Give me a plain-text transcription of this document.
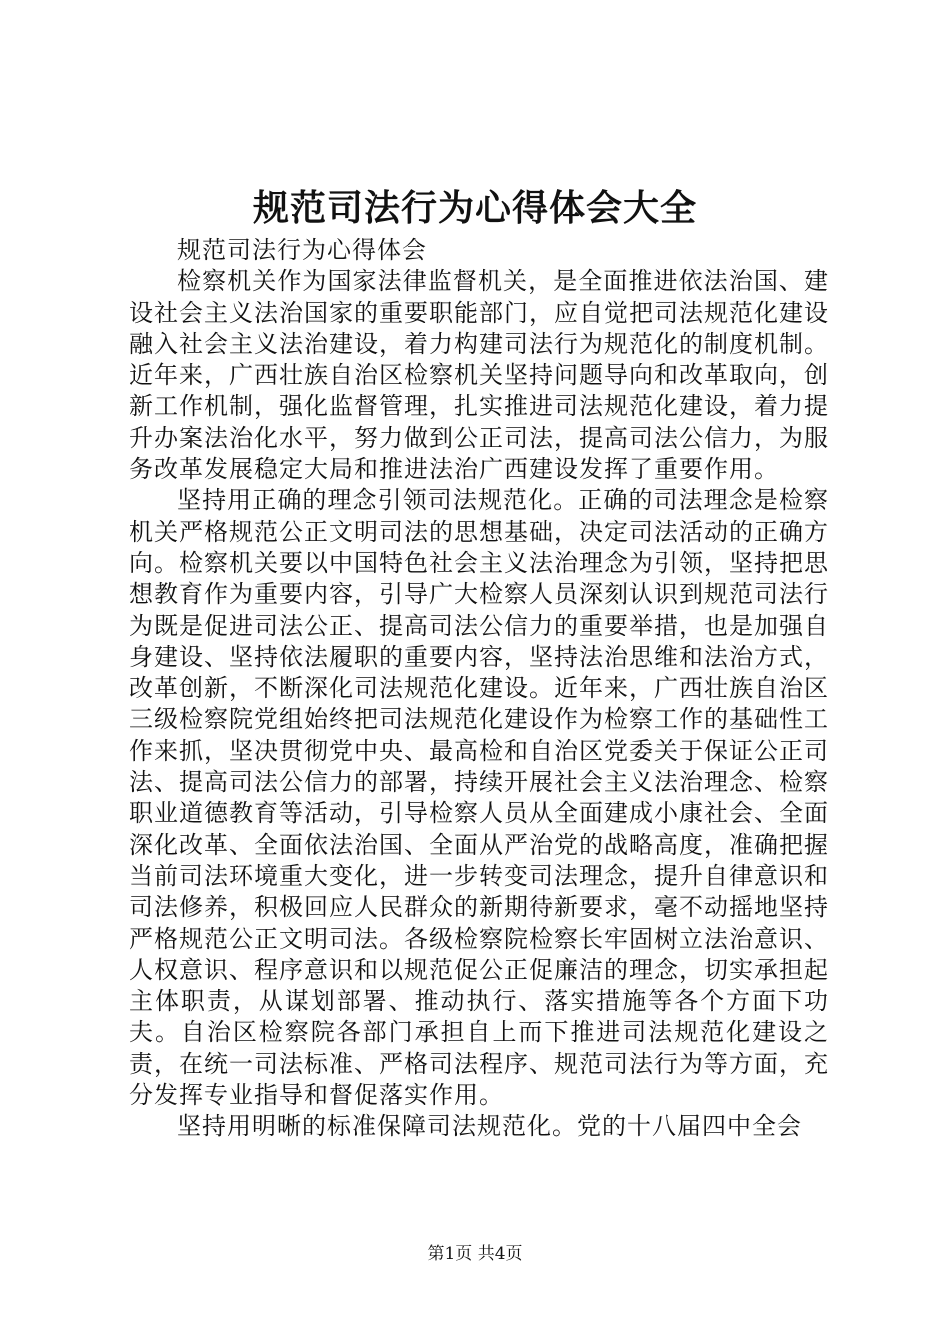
规范司法行为心得体会大全

规范司法行为心得体会

检察机关作为国家法律监督机关，是全面推进依法治国、建设社会主义法治国家的重要职能部门，应自觉把司法规范化建设融入社会主义法治建设，着力构建司法行为规范化的制度机制。近年来，广西壮族自治区检察机关坚持问题导向和改革取向，创新工作机制，强化监督管理，扎实推进司法规范化建设，着力提升办案法治化水平，努力做到公正司法，提高司法公信力，为服务改革发展稳定大局和推进法治广西建设发挥了重要作用。

坚持用正确的理念引领司法规范化。正确的司法理念是检察机关严格规范公正文明司法的思想基础，决定司法活动的正确方向。检察机关要以中国特色社会主义法治理念为引领，坚持把思想教育作为重要内容，引导广大检察人员深刻认识到规范司法行为既是促进司法公正、提高司法公信力的重要举措，也是加强自身建设、坚持依法履职的重要内容，坚持法治思维和法治方式，改革创新，不断深化司法规范化建设。近年来，广西壮族自治区三级检察院党组始终把司法规范化建设作为检察工作的基础性工作来抓，坚决贯彻党中央、最高检和自治区党委关于保证公正司法、提高司法公信力的部署，持续开展社会主义法治理念、检察职业道德教育等活动，引导检察人员从全面建成小康社会、全面深化改革、全面依法治国、全面从严治党的战略高度，准确把握当前司法环境重大变化，进一步转变司法理念，提升自律意识和司法修养，积极回应人民群众的新期待新要求，毫不动摇地坚持严格规范公正文明司法。各级检察院检察长牢固树立法治意识、人权意识、程序意识和以规范促公正促廉洁的理念，切实承担起主体职责，从谋划部署、推动执行、落实措施等各个方面下功夫。自治区检察院各部门承担自上而下推进司法规范化建设之责，在统一司法标准、严格司法程序、规范司法行为等方面，充分发挥专业指导和督促落实作用。

坚持用明晰的标准保障司法规范化。党的十八届四中全会

第1页 共4页
